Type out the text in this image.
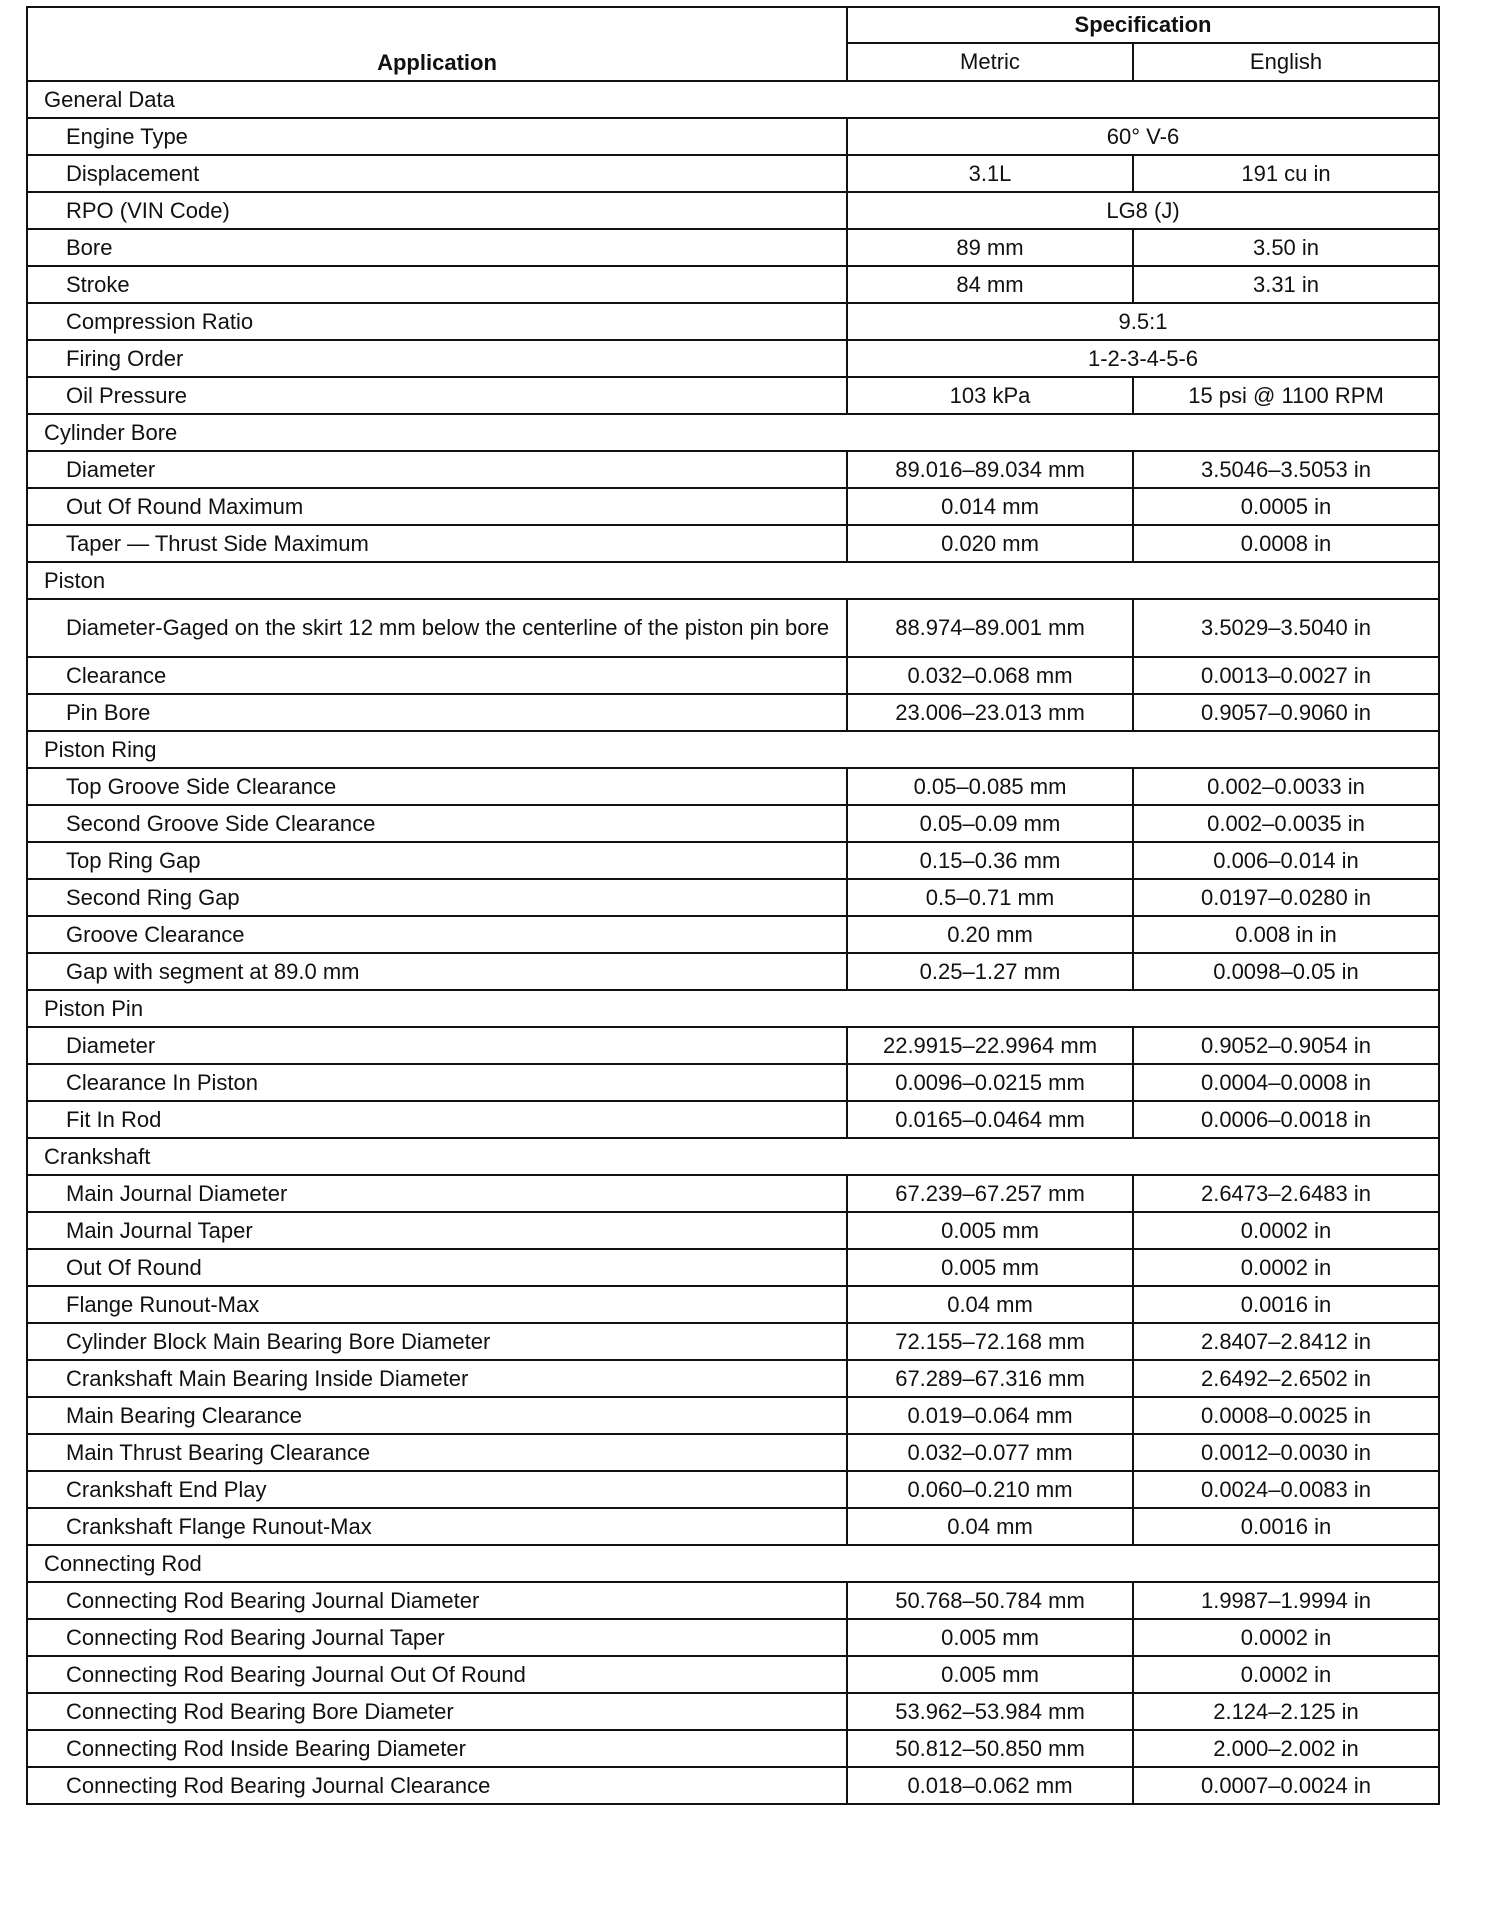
Application	Specification	
	Metric	English
General Data		
Engine Type	60° V-6	
Displacement	3.1L	191 cu in
RPO (VIN Code)	LG8 (J)	
Bore	89 mm	3.50 in
Stroke	84 mm	3.31 in
Compression Ratio	9.5:1	
Firing Order	1-2-3-4-5-6	
Oil Pressure	103 kPa	15 psi @ 1100 RPM
Cylinder Bore		
Diameter	89.016–89.034 mm	3.5046–3.5053 in
Out Of Round Maximum	0.014 mm	0.0005 in
Taper — Thrust Side Maximum	0.020 mm	0.0008 in
Piston		
Diameter-Gaged on the skirt 12 mm below the centerline of the piston pin bore	88.974–89.001 mm	3.5029–3.5040 in
Clearance	0.032–0.068 mm	0.0013–0.0027 in
Pin Bore	23.006–23.013 mm	0.9057–0.9060 in
Piston Ring		
Top Groove Side Clearance	0.05–0.085 mm	0.002–0.0033 in
Second Groove Side Clearance	0.05–0.09 mm	0.002–0.0035 in
Top Ring Gap	0.15–0.36 mm	0.006–0.014 in
Second Ring Gap	0.5–0.71 mm	0.0197–0.0280 in
Groove Clearance	0.20 mm	0.008 in in
Gap with segment at 89.0 mm	0.25–1.27 mm	0.0098–0.05 in
Piston Pin		
Diameter	22.9915–22.9964 mm	0.9052–0.9054 in
Clearance In Piston	0.0096–0.0215 mm	0.0004–0.0008 in
Fit In Rod	0.0165–0.0464 mm	0.0006–0.0018 in
Crankshaft		
Main Journal Diameter	67.239–67.257 mm	2.6473–2.6483 in
Main Journal Taper	0.005 mm	0.0002 in
Out Of Round	0.005 mm	0.0002 in
Flange Runout-Max	0.04 mm	0.0016 in
Cylinder Block Main Bearing Bore Diameter	72.155–72.168 mm	2.8407–2.8412 in
Crankshaft Main Bearing Inside Diameter	67.289–67.316 mm	2.6492–2.6502 in
Main Bearing Clearance	0.019–0.064 mm	0.0008–0.0025 in
Main Thrust Bearing Clearance	0.032–0.077 mm	0.0012–0.0030 in
Crankshaft End Play	0.060–0.210 mm	0.0024–0.0083 in
Crankshaft Flange Runout-Max	0.04 mm	0.0016 in
Connecting Rod		
Connecting Rod Bearing Journal Diameter	50.768–50.784 mm	1.9987–1.9994 in
Connecting Rod Bearing Journal Taper	0.005 mm	0.0002 in
Connecting Rod Bearing Journal Out Of Round	0.005 mm	0.0002 in
Connecting Rod Bearing Bore Diameter	53.962–53.984 mm	2.124–2.125 in
Connecting Rod Inside Bearing Diameter	50.812–50.850 mm	2.000–2.002 in
Connecting Rod Bearing Journal Clearance	0.018–0.062 mm	0.0007–0.0024 in
